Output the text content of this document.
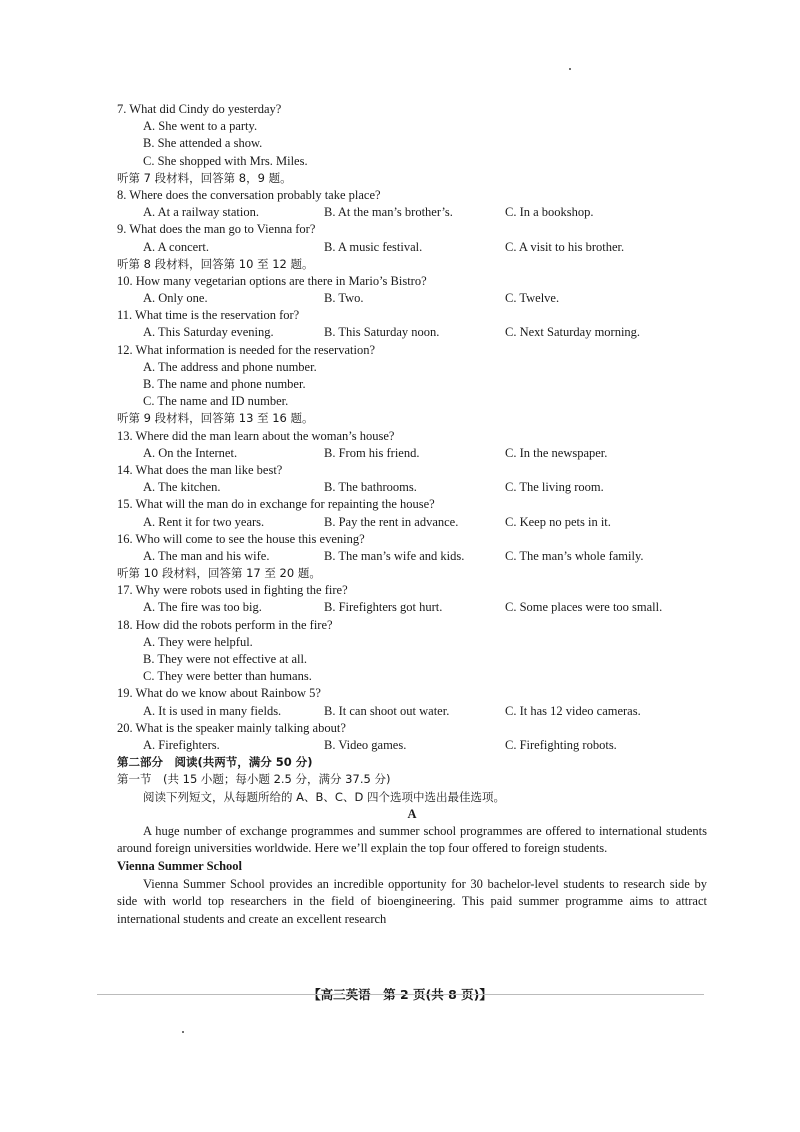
7. What did Cindy do yesterday?
A. She went to a party.
B. She attended a show.
C. She shopped with Mrs. Miles.
听第 7 段材料，回答第 8，9 题。
8. Where does the conversation probably take place?
A. At a railway station.	B. At the man’s brother’s.	C. In a bookshop.
9. What does the man go to Vienna for?
A. A concert.	B. A music festival.	C. A visit to his brother.
听第 8 段材料，回答第 10 至 12 题。
10. How many vegetarian options are there in Mario’s Bistro?
A. Only one.	B. Two.	C. Twelve.
11. What time is the reservation for?
A. This Saturday evening.	B. This Saturday noon.	C. Next Saturday morning.
12. What information is needed for the reservation?
A. The address and phone number.
B. The name and phone number.
C. The name and ID number.
听第 9 段材料，回答第 13 至 16 题。
13. Where did the man learn about the woman’s house?
A. On the Internet.	B. From his friend.	C. In the newspaper.
14. What does the man like best?
A. The kitchen.	B. The bathrooms.	C. The living room.
15. What will the man do in exchange for repainting the house?
A. Rent it for two years.	B. Pay the rent in advance.	C. Keep no pets in it.
16. Who will come to see the house this evening?
A. The man and his wife.	B. The man’s wife and kids.	C. The man’s whole family.
听第 10 段材料，回答第 17 至 20 题。
17. Why were robots used in fighting the fire?
A. The fire was too big.	B. Firefighters got hurt.	C. Some places were too small.
18. How did the robots perform in the fire?
A. They were helpful.
B. They were not effective at all.
C. They were better than humans.
19. What do we know about Rainbow 5?
A. It is used in many fields.	B. It can shoot out water.	C. It has 12 video cameras.
20. What is the speaker mainly talking about?
A. Firefighters.	B. Video games.	C. Firefighting robots.
第二部分　阅读(共两节，满分 50 分)
第一节　(共 15 小题；每小题 2.5 分，满分 37.5 分)
阅读下列短文，从每题所给的 A、B、C、D 四个选项中选出最佳选项。
A
A huge number of exchange programmes and summer school programmes are offered to international students around foreign universities worldwide. Here we’ll explain the top four offered to foreign students.
Vienna Summer School
Vienna Summer School provides an incredible opportunity for 30 bachelor-level students to research side by side with world top researchers in the field of bioengineering. This paid summer programme aims to attract international students and create an excellent research
【高三英语　第 2 页(共 8 页)】
